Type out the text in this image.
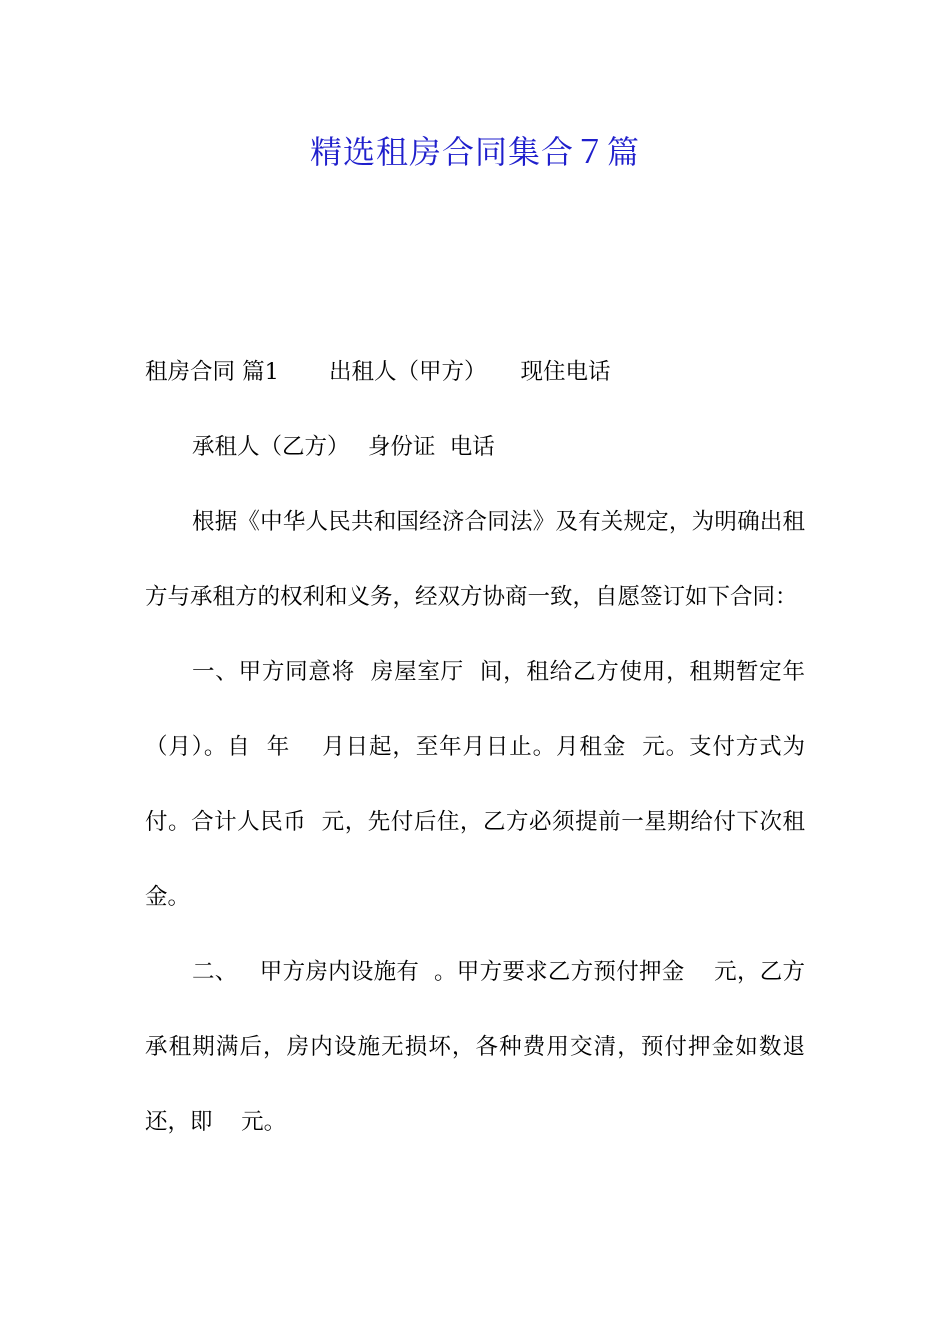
精选租房合同集合７篇

租房合同 篇1 出租人（甲方） 现住电话

承租人（乙方）　 身份证  电话

根据《中华人民共和国经济合同法》及有关规定，为明确出租方与承租方的权利和义务，经双方协商一致，自愿签订如下合同：

一、甲方同意将  房屋室厅  间，租给乙方使用，租期暂定年（月）。自  年    月日起，至年月日止。月租金  元。支付方式为    付。合计人民币  元，先付后住，乙方必须提前一星期给付下次租金。

二、   甲方房内设施有  。甲方要求乙方预付押金    元，乙方承租期满后，房内设施无损坏，各种费用交清，预付押金如数退还，即    元。
